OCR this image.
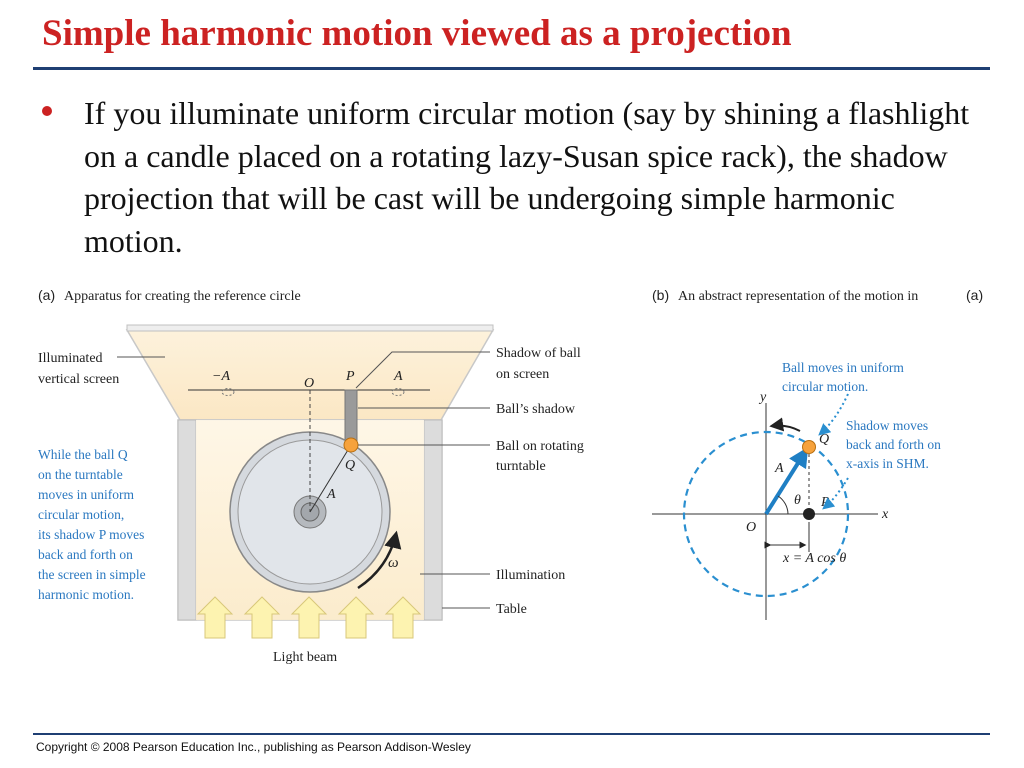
Simple harmonic motion viewed as a projection
If you illuminate uniform circular motion (say by shining a flashlight on a candle placed on a rotating lazy-Susan spice rack), the shadow projection that will be cast will be undergoing simple harmonic motion.
(a) Apparatus for creating the reference circle
−A	O P	A
A
Q
ω
Light beam
Illuminated
vertical screen
While the ball Q
on the turntable
moves in uniform
circular motion,
its shadow P moves
back and forth on
the screen in simple
harmonic motion.
Shadow of ball
on screen
Ball’s shadow
Ball on rotating
turntable
Illumination
Table
(b) An abstract representation of the motion in	(a)
x
y
O
A
Q
P
θ
x = A cos θ
Ball moves in uniform
circular motion.
Shadow moves
back and forth on
x-axis in SHM.
Copyright © 2008 Pearson Education Inc., publishing as Pearson Addison-Wesley
